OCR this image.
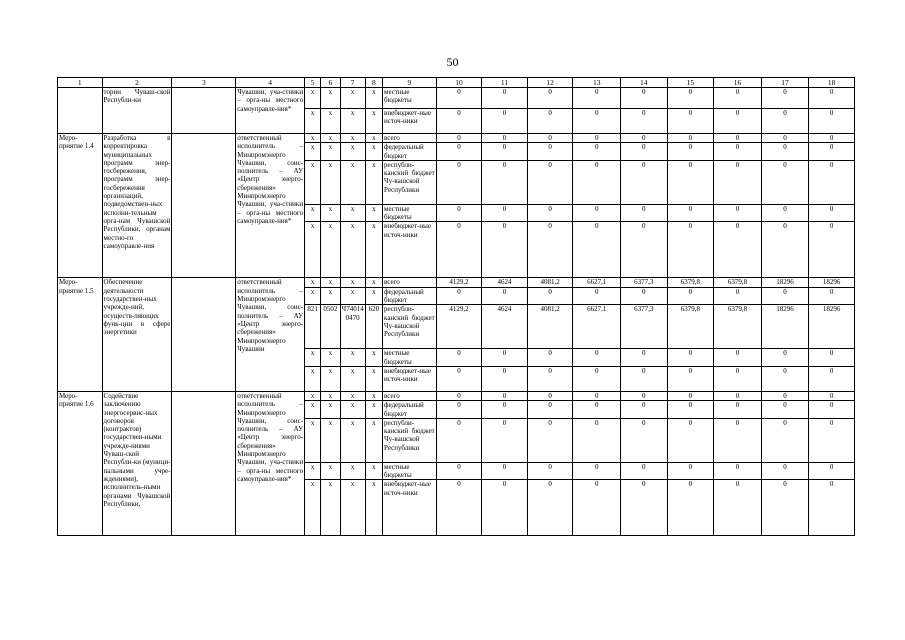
50
1	2	3	4	5	6	7	8	9	10	11	12	13	14	15	16	17	18
	тории Чуваш-ской Республи-ки		Чувашии, уча-стники – орга-ны местного самоуправле-ния*	x	x	x	x	местные бюджеты	0	0	0	0	0	0	0	0	0
				x	x	x	x	внебюджет-ные источ-ники	0	0	0	0	0	0	0	0	0
Меро-приятие 1.4	Разработка в корректировка муниципальных программ энер-госбережения, программ энер-госбережения организаций, подведомствен-ных исполни-тельным орга-нам Чувашской Республики, органам местно-го самоуправле-ния		ответственный исполнитель – Минпромэнерго Чувашии, соис-полнитель – АУ «Центр энерго-сбережения» Минпромэнерго Чувашии, уча-стники – орга-ны местного самоуправле-ния*	x	x	x	x	всего	0	0	0	0	0	0	0	0	0
				x	x	x	x	федеральный бюджет	0	0	0	0	0	0	0	0	0
				x	x	x	x	республи-канский бюджет Чу-вашской Республики	0	0	0	0	0	0	0	0	0
				x	x	x	x	местные бюджеты	0	0	0	0	0	0	0	0	0
				x	x	x	x	внебюджет-ные источ-ники	0	0	0	0	0	0	0	0	0
Меро-приятие 1.5	Обеспечение деятельности государствен-ных учрежде-ний, осуществ-ляющих функ-ции в сфере энергетики		ответственный исполнитель – Минпромэнерго Чувашии, соис-полнитель – АУ «Центр энерго-сбережения» Минпромэнерго Чувашии	x	x	x	x	всего	4129,2	4624	4081,2	6627,1	6377,3	6379,8	6379,8	18296	18296
				x	x	x	x	федеральный бюджет	0	0	0	0	0	0	0	0	0
				821	0502	Ч74014 0470	620	республи-канский бюджет Чу-вашской Республики	4129,2	4624	4081,2	6627,1	6377,3	6379,8	6379,8	18296	18296
				x	x	x	x	местные бюджеты	0	0	0	0	0	0	0	0	0
				x	x	x	x	внебюджет-ные источ-ники	0	0	0	0	0	0	0	0	0
Меро-приятие 1.6	Содействие заключению энергосервис-ных договоров (контрактов) государствен-ными учрежде-ниями Чуваш-ской Республи-ки (муници-пальными учре-ждениями), исполнитель-ными органами Чувашской Республики,		ответственный исполнитель – Минпромэнерго Чувашии, соис-полнитель – АУ «Центр энерго-сбережения» Минпромэнерго Чувашии, уча-стники – орга-ны местного самоуправле-ния*	x	x	x	x	всего	0	0	0	0	0	0	0	0	0
				x	x	x	x	федеральный бюджет	0	0	0	0	0	0	0	0	0
				x	x	x	x	республи-канский бюджет Чу-вашской Республики	0	0	0	0	0	0	0	0	0
				x	x	x	x	местные бюджеты	0	0	0	0	0	0	0	0	0
				x	x	x	x	внебюджет-ные источ-ники	0	0	0	0	0	0	0	0	0
